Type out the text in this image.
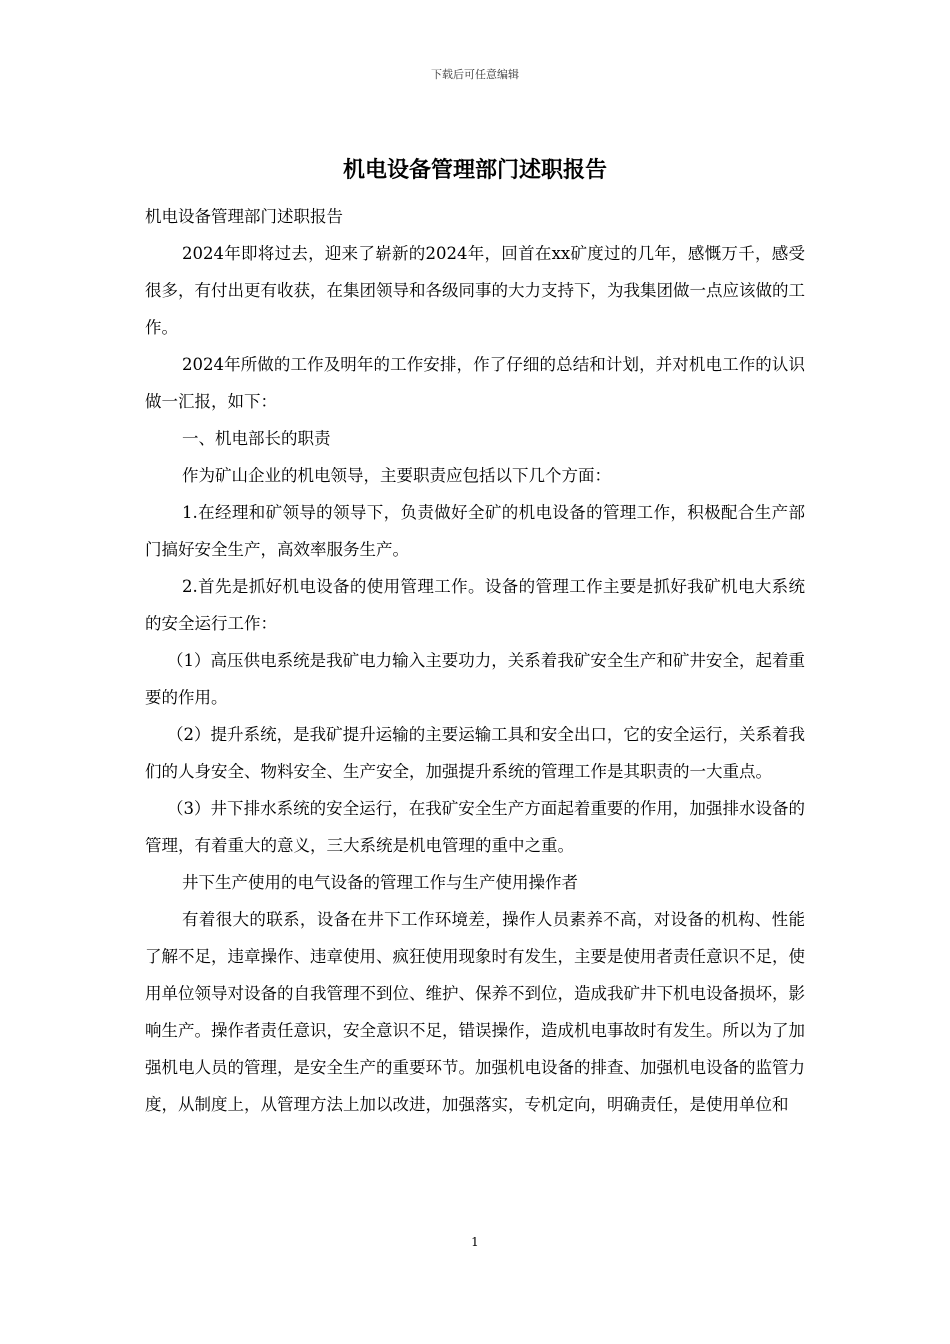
下载后可任意编辑
机电设备管理部门述职报告

机电设备管理部门述职报告

2024年即将过去，迎来了崭新的2024年，回首在xx矿度过的几年，感慨万千，感受很多，有付出更有收获，在集团领导和各级同事的大力支持下，为我集团做一点应该做的工作。

2024年所做的工作及明年的工作安排，作了仔细的总结和计划，并对机电工作的认识做一汇报，如下：

一、机电部长的职责

作为矿山企业的机电领导，主要职责应包括以下几个方面：

1.在经理和矿领导的领导下，负责做好全矿的机电设备的管理工作，积极配合生产部门搞好安全生产，高效率服务生产。

2.首先是抓好机电设备的使用管理工作。设备的管理工作主要是抓好我矿机电大系统的安全运行工作：

（1）高压供电系统是我矿电力输入主要功力，关系着我矿安全生产和矿井安全，起着重要的作用。

（2）提升系统，是我矿提升运输的主要运输工具和安全出口，它的安全运行，关系着我们的人身安全、物料安全、生产安全，加强提升系统的管理工作是其职责的一大重点。

（3）井下排水系统的安全运行，在我矿安全生产方面起着重要的作用，加强排水设备的管理，有着重大的意义，三大系统是机电管理的重中之重。

井下生产使用的电气设备的管理工作与生产使用操作者

有着很大的联系，设备在井下工作环境差，操作人员素养不高，对设备的机构、性能了解不足，违章操作、违章使用、疯狂使用现象时有发生，主要是使用者责任意识不足，使用单位领导对设备的自我管理不到位、维护、保养不到位，造成我矿井下机电设备损坏，影响生产。操作者责任意识，安全意识不足，错误操作，造成机电事故时有发生。所以为了加强机电人员的管理，是安全生产的重要环节。加强机电设备的排查、加强机电设备的监管力度，从制度上，从管理方法上加以改进，加强落实，专机定向，明确责任，是使用单位和

1
